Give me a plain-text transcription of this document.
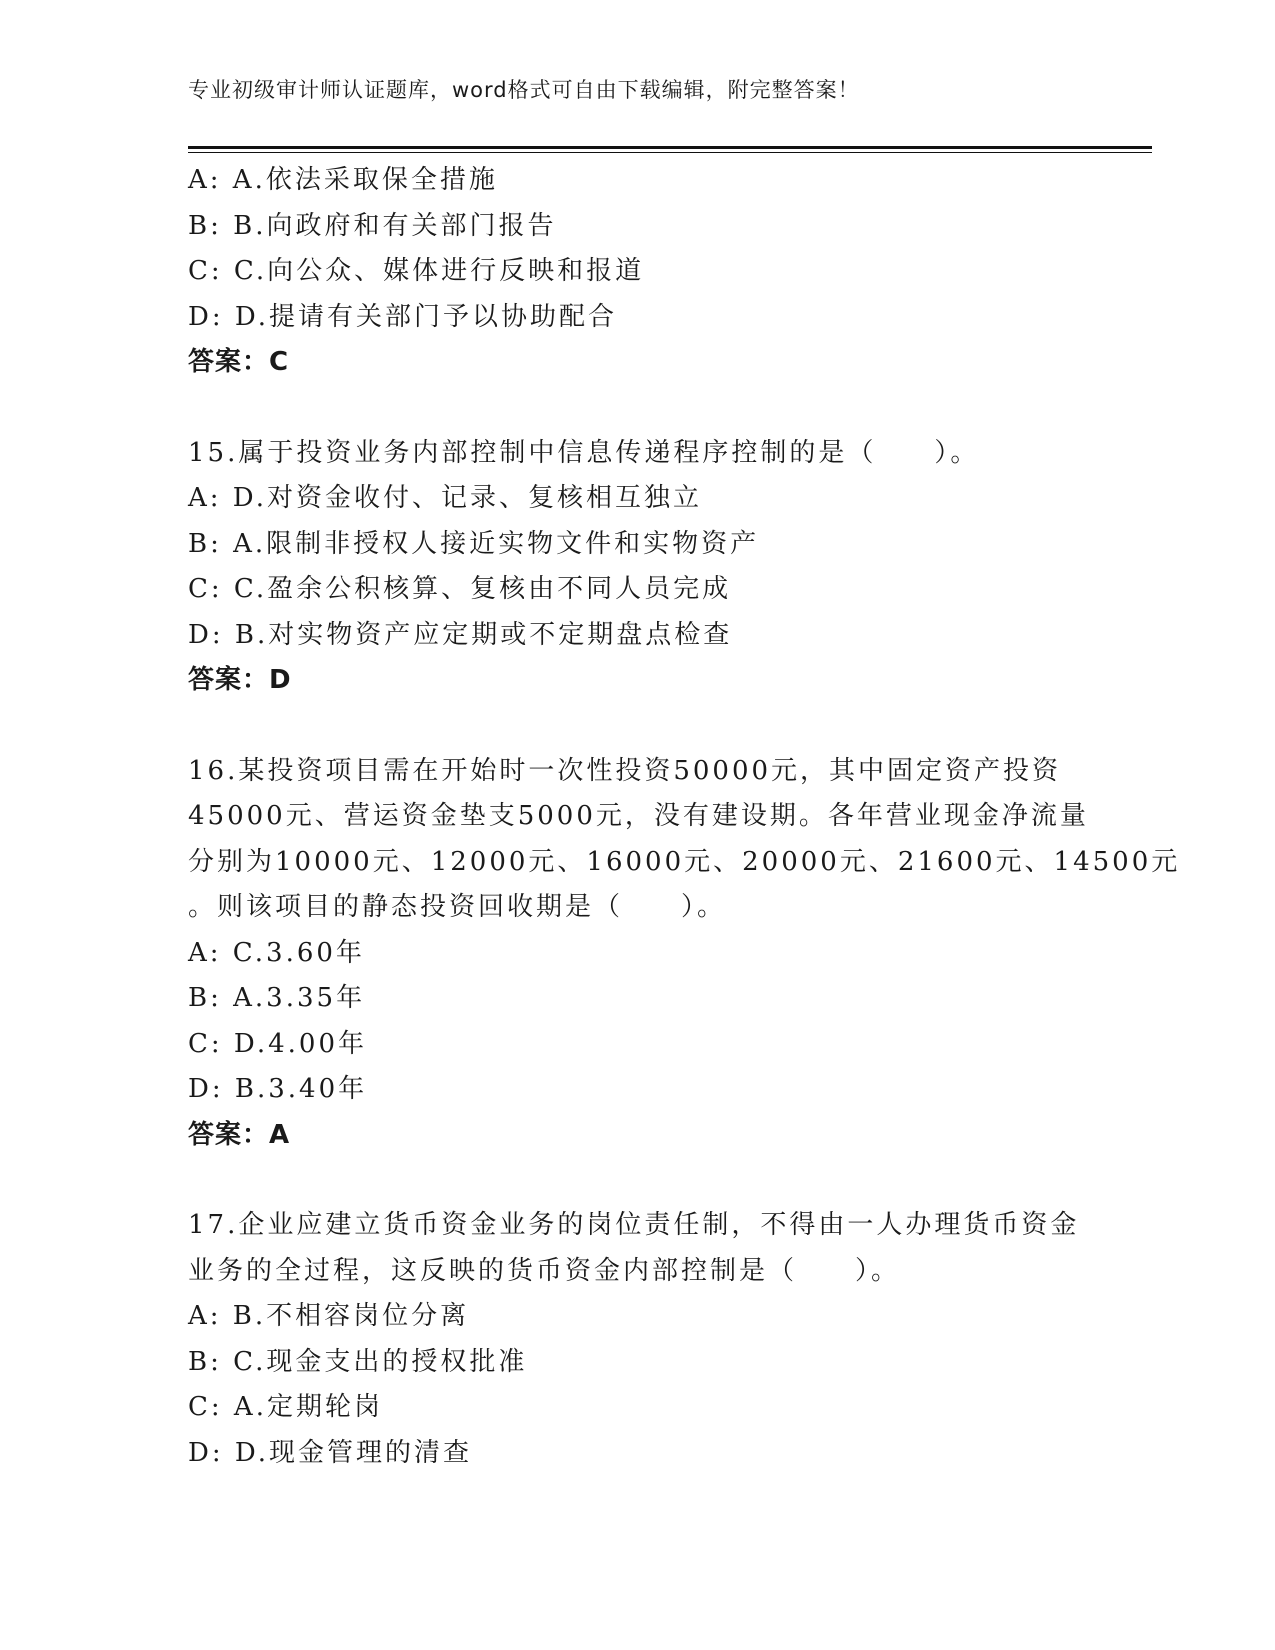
专业初级审计师认证题库，word格式可自由下载编辑，附完整答案！
A: A.依法采取保全措施
B: B.向政府和有关部门报告
C: C.向公众、媒体进行反映和报道
D: D.提请有关部门予以协助配合
答案：C
15.属于投资业务内部控制中信息传递程序控制的是（　　）。
A: D.对资金收付、记录、复核相互独立
B: A.限制非授权人接近实物文件和实物资产
C: C.盈余公积核算、复核由不同人员完成
D: B.对实物资产应定期或不定期盘点检查
答案：D
16.某投资项目需在开始时一次性投资50000元，其中固定资产投资
45000元、营运资金垫支5000元，没有建设期。各年营业现金净流量
分别为10000元、12000元、16000元、20000元、21600元、14500元
。则该项目的静态投资回收期是（　　）。
A: C.3.60年
B: A.3.35年
C: D.4.00年
D: B.3.40年
答案：A
17.企业应建立货币资金业务的岗位责任制，不得由一人办理货币资金
业务的全过程，这反映的货币资金内部控制是（　　）。
A: B.不相容岗位分离
B: C.现金支出的授权批准
C: A.定期轮岗
D: D.现金管理的清查
